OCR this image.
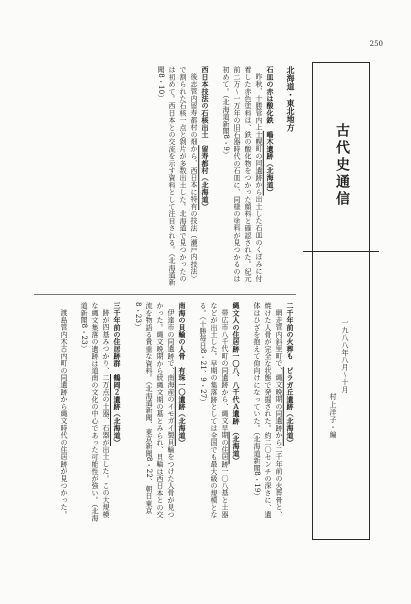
250
古代史通信
一九八八年八月〜十月
村上洋子・編

北海道・東北地方

石皿の赤は酸化鉄　嶋木遺跡（北海道）

昨秋、十勝管内上士幌町の同遺跡から出土した石皿のくぼみに付着した赤色塗料は、鉄の酸化物をつかった顔料と確認された。紀元前二万〜一万年の旧石器時代の石皿に、同様の塗料が見つかるのは初めて。（北海道新聞8・9）

西日本技法の石核出土　留寿都村（北海道）

後志管内留寿都村の畑から、西日本に特有の技法（瀬戸内技法）で割られた石核一点と剝片が多数出土した。北海道で見つかったのは初めて。西日本との交流を示す資料として注目される。（北海道新聞8・10）

二千年前の火葬も　ピラガ丘遺跡（北海道）

網走管内斜里町で、縄文晩期の同遺跡から二千年前の火葬骨と、焼けた人骨が完全な状態で発掘された。約二〇センチの深さに、遺体はひざを抱えて仰向けになっていた。（北海道新聞8・19）

縄文人の住居跡一〇八、八千代Ａ遺跡　（北海道）

帯広市八千代町の同遺跡から、縄文早期の住居跡一〇八基と土器などが出土した。早期の集落跡としては全国でも最大級の規模となる。（十勝毎日8・21、9・27）

南海の貝輪の人骨　有珠一〇遺跡（北海道）

伊達市の同遺跡で、南海産のイモガイ製貝輪をつけた人骨が見つかった。縄文晩期から続縄文期の墓とみられ、貝輪は西日本との交流を物語る貴重な資料。（北海道新聞、東京新聞8・22、朝日東京8・23）

三千年前の住居跡群　鶴岡２遺跡（北海道）

跡が四基みつかり、二万点の土器、石器が出土した。この大規模な縄文集落の遺跡は道南の文化の中心であった可能性が強い。（北海道新聞8・23）

渡島管内木古内町の同遺跡から縄文時代の住居跡が見つかった。
